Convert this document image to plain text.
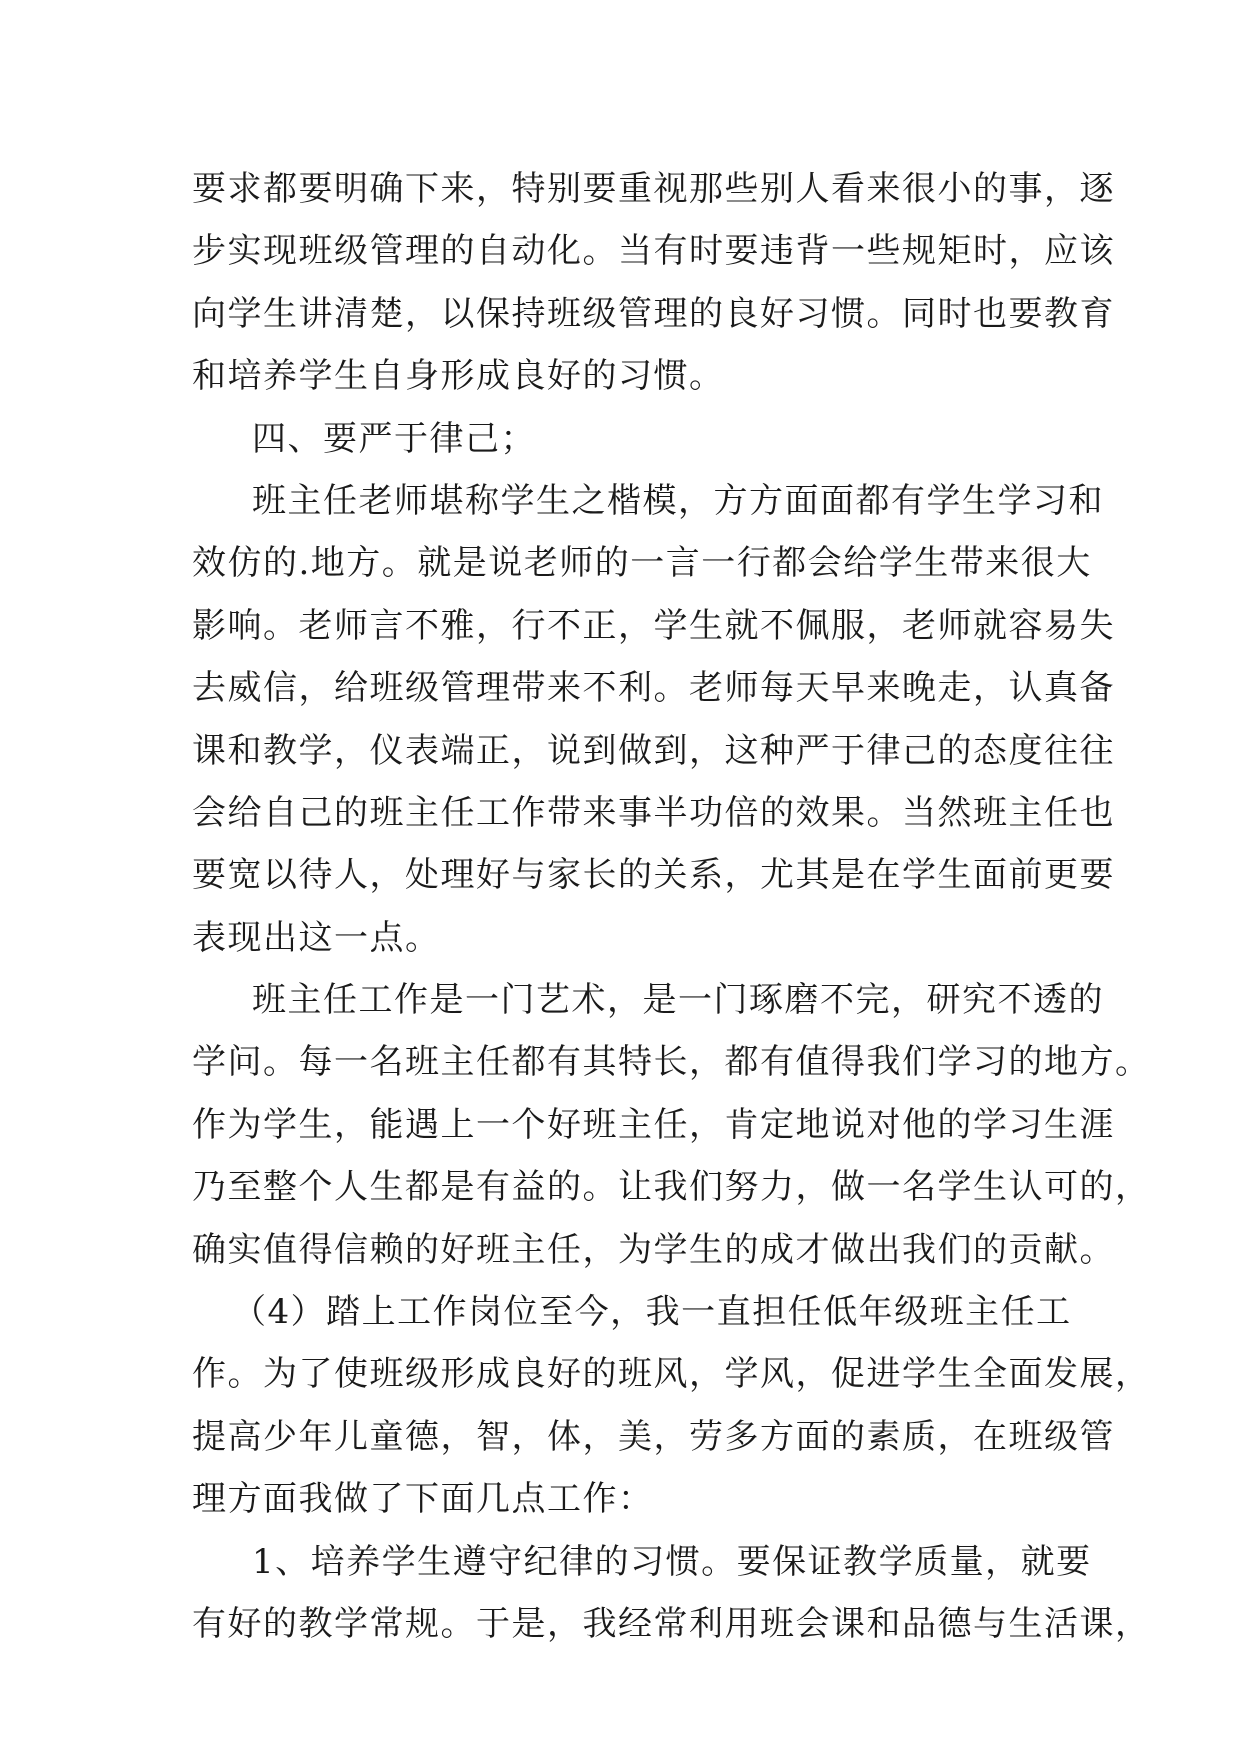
要求都要明确下来，特别要重视那些别人看来很小的事，逐
步实现班级管理的自动化。当有时要违背一些规矩时，应该
向学生讲清楚，以保持班级管理的良好习惯。同时也要教育
和培养学生自身形成良好的习惯。
四、要严于律己；
班主任老师堪称学生之楷模，方方面面都有学生学习和
效仿的.地方。就是说老师的一言一行都会给学生带来很大
影响。老师言不雅，行不正，学生就不佩服，老师就容易失
去威信，给班级管理带来不利。老师每天早来晚走，认真备
课和教学，仪表端正，说到做到，这种严于律己的态度往往
会给自己的班主任工作带来事半功倍的效果。当然班主任也
要宽以待人，处理好与家长的关系，尤其是在学生面前更要
表现出这一点。
班主任工作是一门艺术，是一门琢磨不完，研究不透的
学问。每一名班主任都有其特长，都有值得我们学习的地方。
作为学生，能遇上一个好班主任，肯定地说对他的学习生涯
乃至整个人生都是有益的。让我们努力，做一名学生认可的，
确实值得信赖的好班主任，为学生的成才做出我们的贡献。
（4）踏上工作岗位至今，我一直担任低年级班主任工
作。为了使班级形成良好的班风，学风，促进学生全面发展，
提高少年儿童德，智，体，美，劳多方面的素质，在班级管
理方面我做了下面几点工作：
1、培养学生遵守纪律的习惯。要保证教学质量，就要
有好的教学常规。于是，我经常利用班会课和品德与生活课，
